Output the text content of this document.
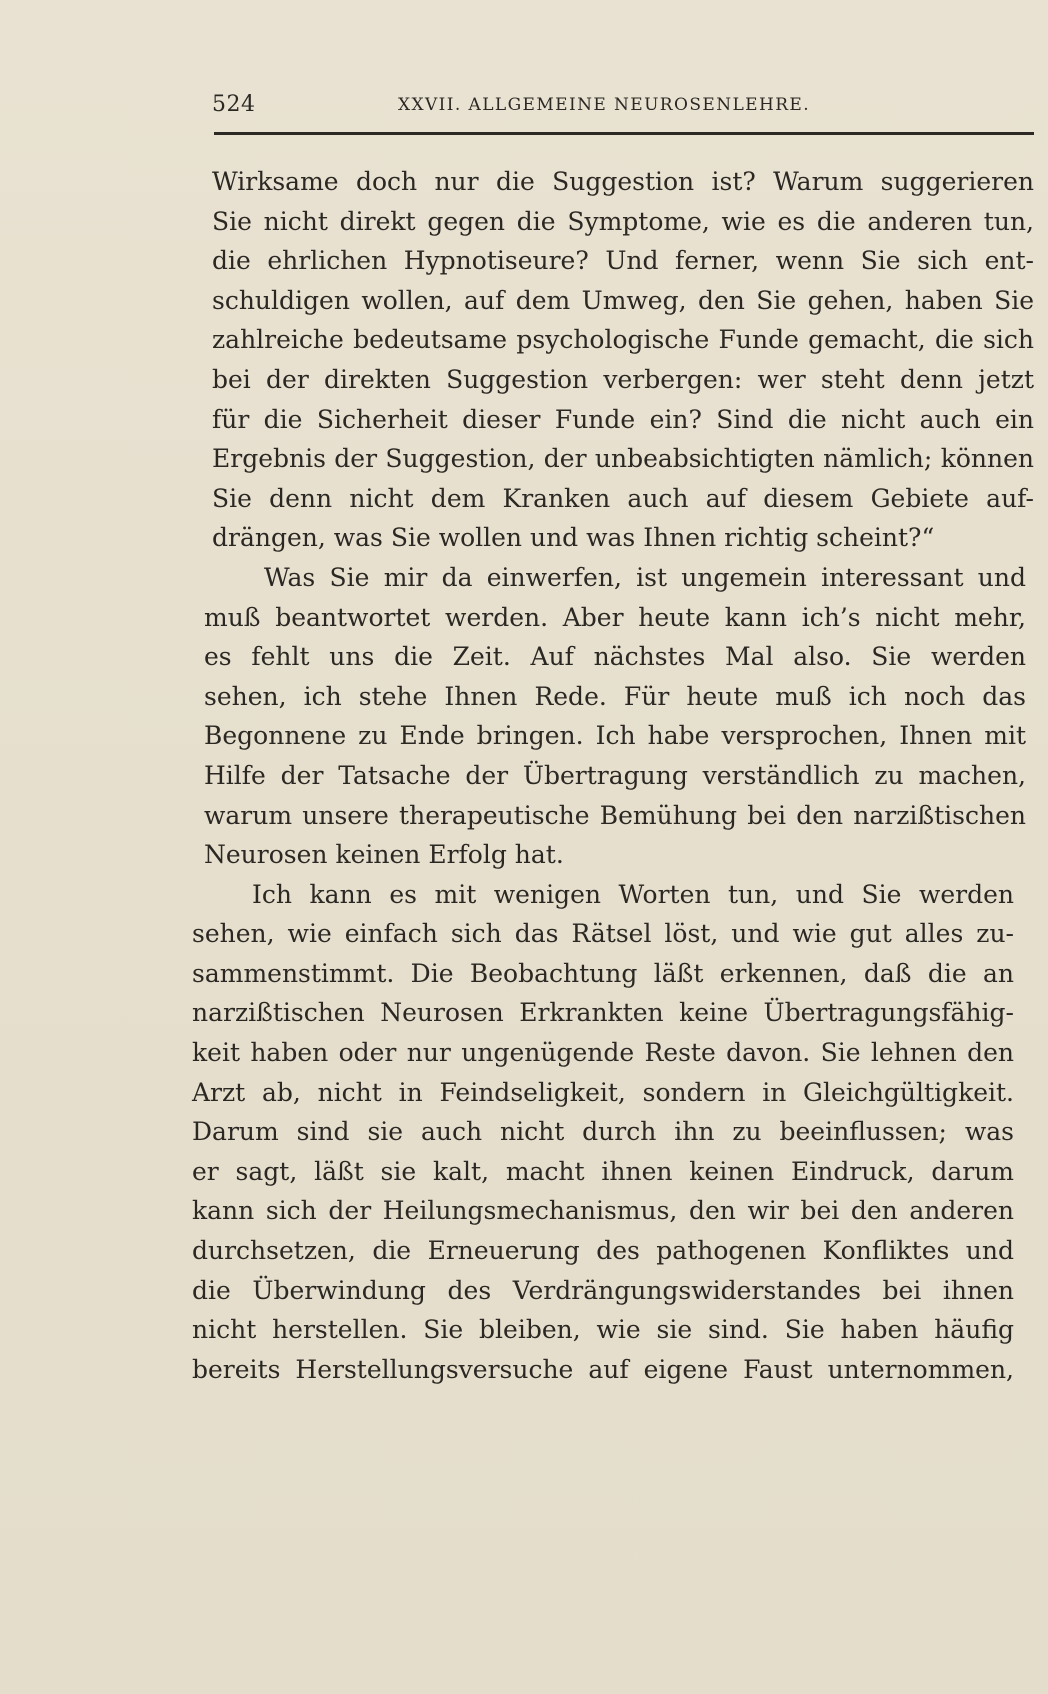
524	XXVII. ALLGEMEINE NEUROSENLEHRE.
Wirksame doch nur die Suggestion ist? Warum suggerieren
Sie nicht direkt gegen die Symptome, wie es die anderen tun,
die ehrlichen Hypnotiseure? Und ferner, wenn Sie sich ent-
schuldigen wollen, auf dem Umweg, den Sie gehen, haben Sie
zahlreiche bedeutsame psychologische Funde gemacht, die sich
bei der direkten Suggestion verbergen: wer steht denn jetzt
für die Sicherheit dieser Funde ein? Sind die nicht auch ein
Ergebnis der Suggestion, der unbeabsichtigten nämlich; können
Sie denn nicht dem Kranken auch auf diesem Gebiete auf-
drängen, was Sie wollen und was Ihnen richtig scheint?“
Was Sie mir da einwerfen, ist ungemein interessant und
muß beantwortet werden. Aber heute kann ich’s nicht mehr,
es fehlt uns die Zeit. Auf nächstes Mal also. Sie werden
sehen, ich stehe Ihnen Rede. Für heute muß ich noch das
Begonnene zu Ende bringen. Ich habe versprochen, Ihnen mit
Hilfe der Tatsache der Übertragung verständlich zu machen,
warum unsere therapeutische Bemühung bei den narzißtischen
Neurosen keinen Erfolg hat.
Ich kann es mit wenigen Worten tun, und Sie werden
sehen, wie einfach sich das Rätsel löst, und wie gut alles zu-
sammenstimmt. Die Beobachtung läßt erkennen, daß die an
narzißtischen Neurosen Erkrankten keine Übertragungsfähig-
keit haben oder nur ungenügende Reste davon. Sie lehnen den
Arzt ab, nicht in Feindseligkeit, sondern in Gleichgültigkeit.
Darum sind sie auch nicht durch ihn zu beeinflussen; was
er sagt, läßt sie kalt, macht ihnen keinen Eindruck, darum
kann sich der Heilungsmechanismus, den wir bei den anderen
durchsetzen, die Erneuerung des pathogenen Konfliktes und
die Überwindung des Verdrängungswiderstandes bei ihnen
nicht herstellen. Sie bleiben, wie sie sind. Sie haben häufig
bereits Herstellungsversuche auf eigene Faust unternommen,
